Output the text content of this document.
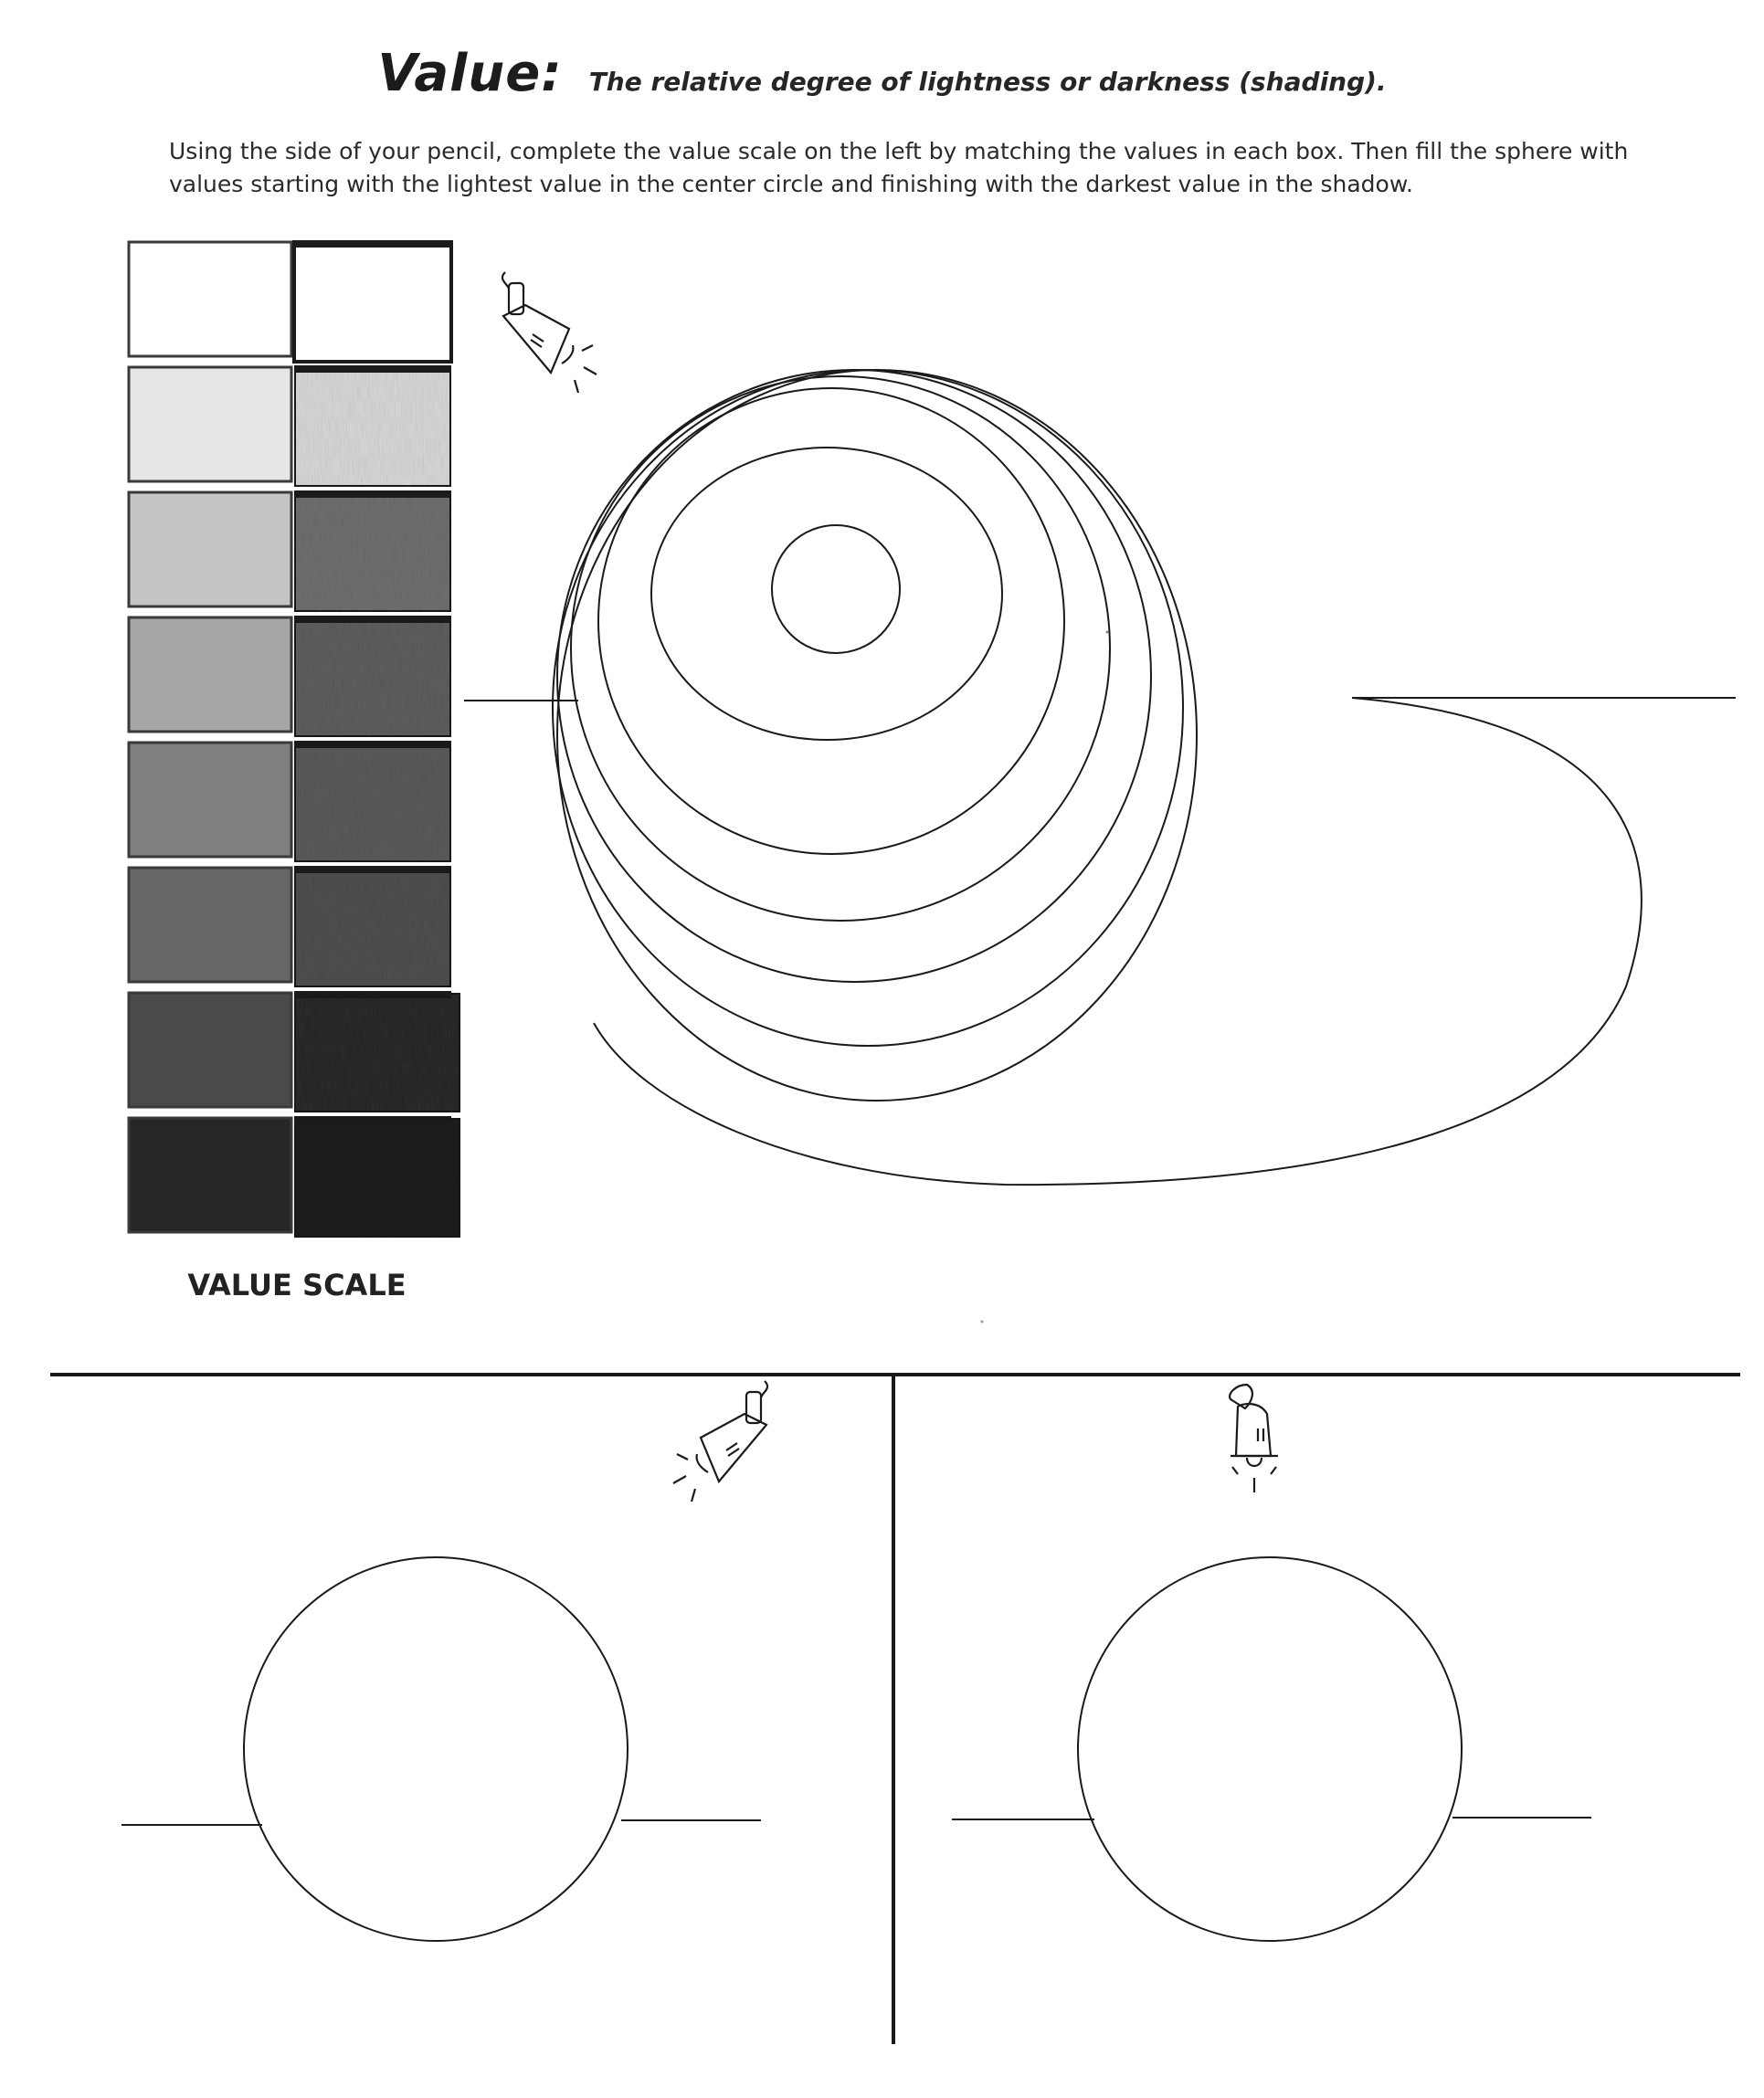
Value: The relative degree of lightness or darkness (shading).
Using the side of your pencil, complete the value scale on the left by matching the values in each box. Then fill the sphere with
values starting with the lightest value in the center circle and finishing with the darkest value in the shadow.
VALUE SCALE
